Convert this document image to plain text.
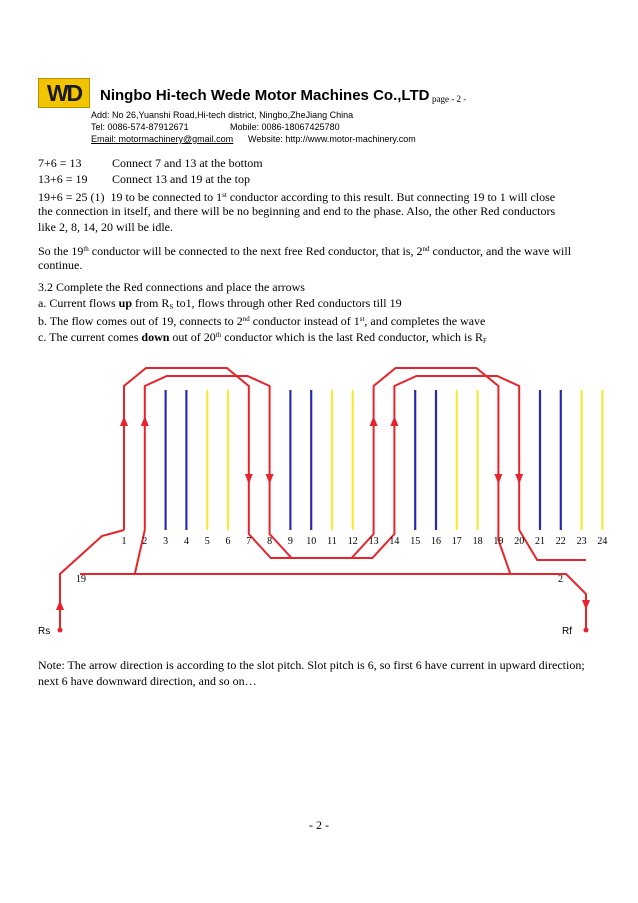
WD	Ningbo Hi-tech Wede Motor Machines Co.,LTD page - 2 -
Add: No 26,Yuanshi Road,Hi-tech district, Ningbo,ZheJiang China
Tel: 0086-574-87912671	Mobile: 0086-18067425780
Email: motormachinery@gmail.com Website: http://www.motor-machinery.com
7+6 = 13	Connect 7 and 13 at the bottom
13+6 = 19 Connect 13 and 19 at the top
19+6 = 25 (1) 19 to be connected to 1st conductor according to this result. But connecting 19 to 1 will close
the connection in itself, and there will be no beginning and end to the phase. Also, the other Red conductors
like 2, 8, 14, 20 will be idle.
So the 19th conductor will be connected to the next free Red conductor, that is, 2nd conductor, and the wave will
continue.
3.2 Complete the Red connections and place the arrows
a. Current flows up from $R_S$ to1, flows through other Red conductors till 19
b. The flow comes out of 19, connects to 2nd conductor instead of 1st, and completes the wave
c. The current comes down out of 20th conductor which is the last Red conductor, which is $R_F$
1 2 3 4 5 6 7 8 9 10 11 12 13 14 15 16 17 18 19 20 21 22 23 24
Rs	Rf
19	2
Note: The arrow direction is according to the slot pitch. Slot pitch is 6, so first 6 have current in upward direction;
next 6 have downward direction, and so on…
- 2 -
